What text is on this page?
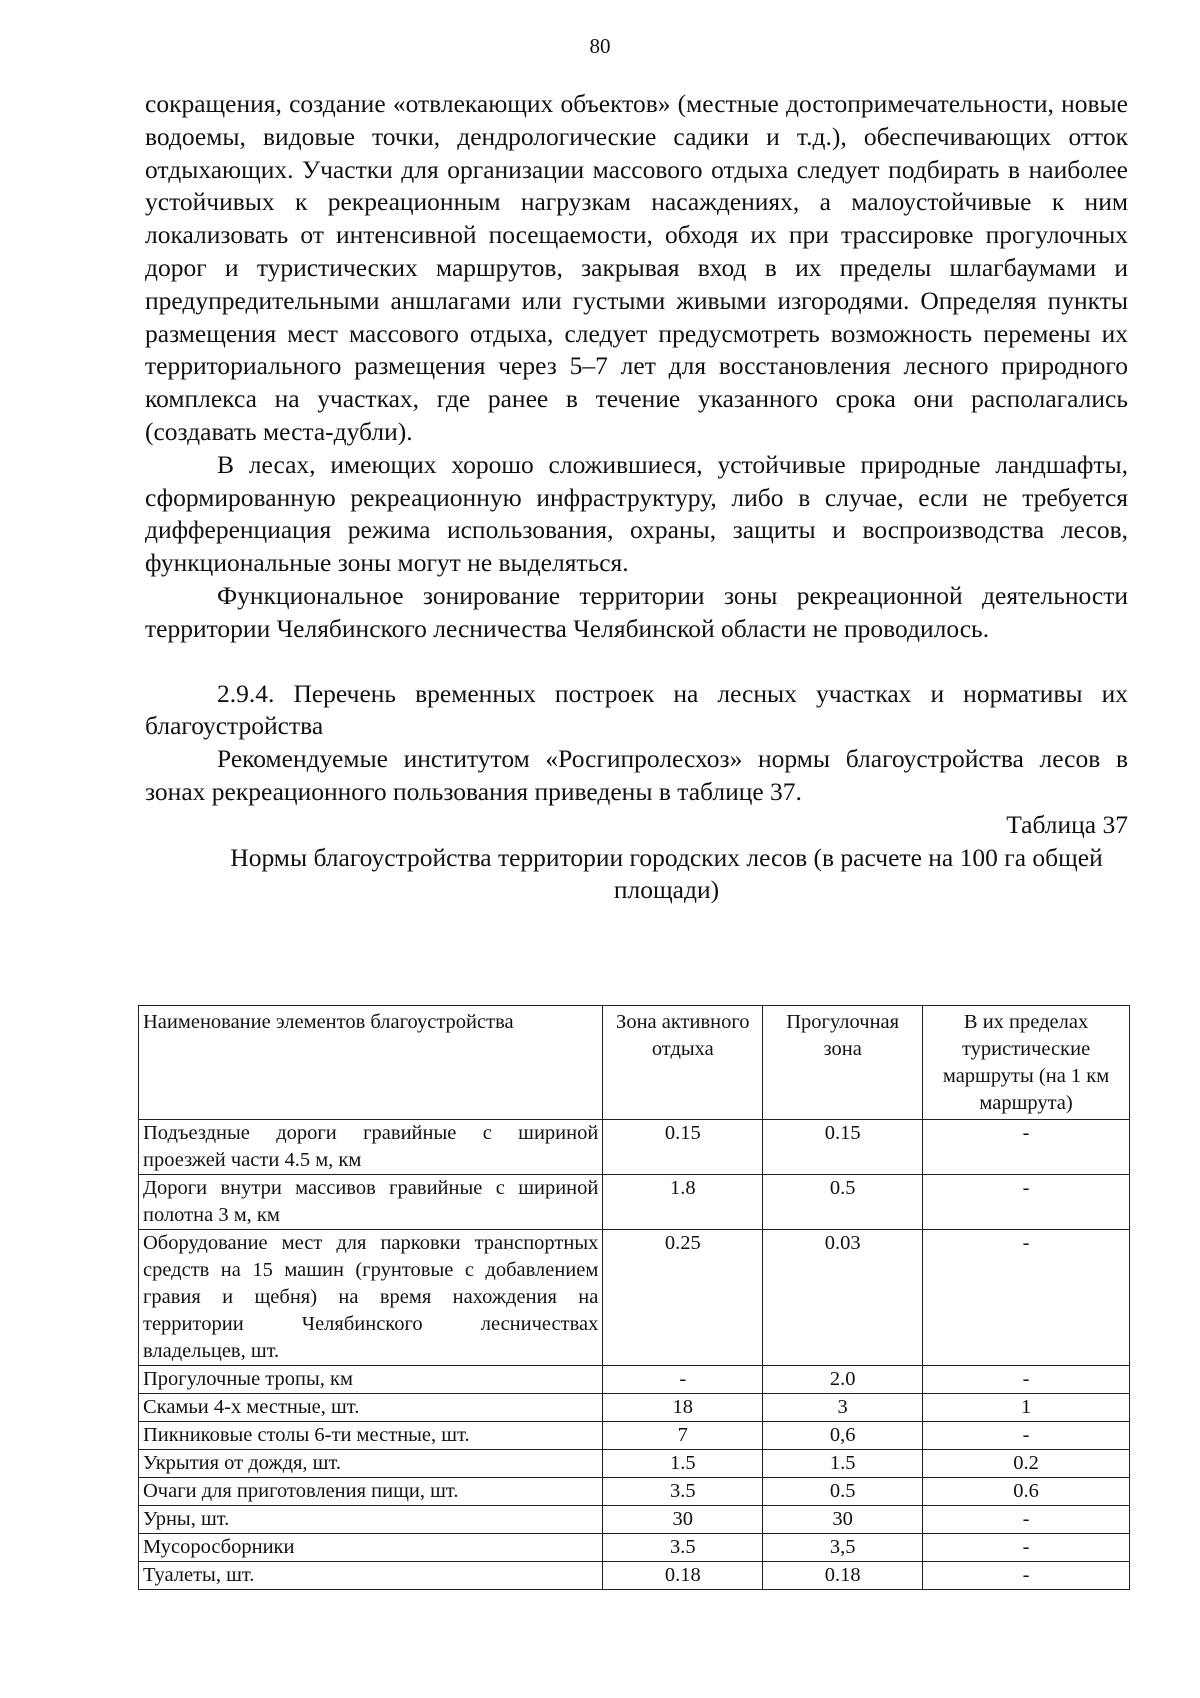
80

сокращения, создание «отвлекающих объектов» (местные достопримечательности, новые водоемы, видовые точки, дендрологические садики и т.д.), обеспечивающих отток отдыхающих. Участки для организации массового отдыха следует подбирать в наиболее устойчивых к рекреационным нагрузкам насаждениях, а малоустойчивые к ним локализовать от интенсивной посещаемости, обходя их при трассировке прогулочных дорог и туристических маршрутов, закрывая вход в их пределы шлагбаумами и предупредительными аншлагами или густыми живыми изгородями. Определяя пункты размещения мест массового отдыха, следует предусмотреть возможность перемены их территориального размещения через 5–7 лет для восстановления лесного природного комплекса на участках, где ранее в течение указанного срока они располагались (создавать места-дубли).

В лесах, имеющих хорошо сложившиеся, устойчивые природные ландшафты, сформированную рекреационную инфраструктуру, либо в случае, если не требуется дифференциация режима использования, охраны, защиты и воспроизводства лесов, функциональные зоны могут не выделяться.

Функциональное зонирование территории зоны рекреационной деятельности территории Челябинского лесничества Челябинской области не проводилось.

2.9.4. Перечень временных построек на лесных участках и нормативы их благоустройства

Рекомендуемые институтом «Росгипролесхоз» нормы благоустройства лесов в зонах рекреационного пользования приведены в таблице 37.

Таблица 37

Нормы благоустройства территории городских лесов (в расчете на 100 га общей площади)

Наименование элементов благоустройства	Зона активного отдыха	Прогулочная зона	В их пределах туристические маршруты (на 1 км маршрута)
Подъездные дороги гравийные с шириной проезжей части 4.5 м, км	0.15	0.15	-
Дороги внутри массивов гравийные с шириной полотна 3 м, км	1.8	0.5	-
Оборудование мест для парковки транспортных средств на 15 машин (грунтовые с добавлением гравия и щебня) на время нахождения на территории Челябинского лесничествах владельцев, шт.	0.25	0.03	-
Прогулочные тропы, км	-	2.0	-
Скамьи 4-х местные, шт.	18	3	1
Пикниковые столы 6-ти местные, шт.	7	0,6	-
Укрытия от дождя, шт.	1.5	1.5	0.2
Очаги для приготовления пищи, шт.	3.5	0.5	0.6
Урны, шт.	30	30	-
Мусоросборники	3.5	3,5	-
Туалеты, шт.	0.18	0.18	-
